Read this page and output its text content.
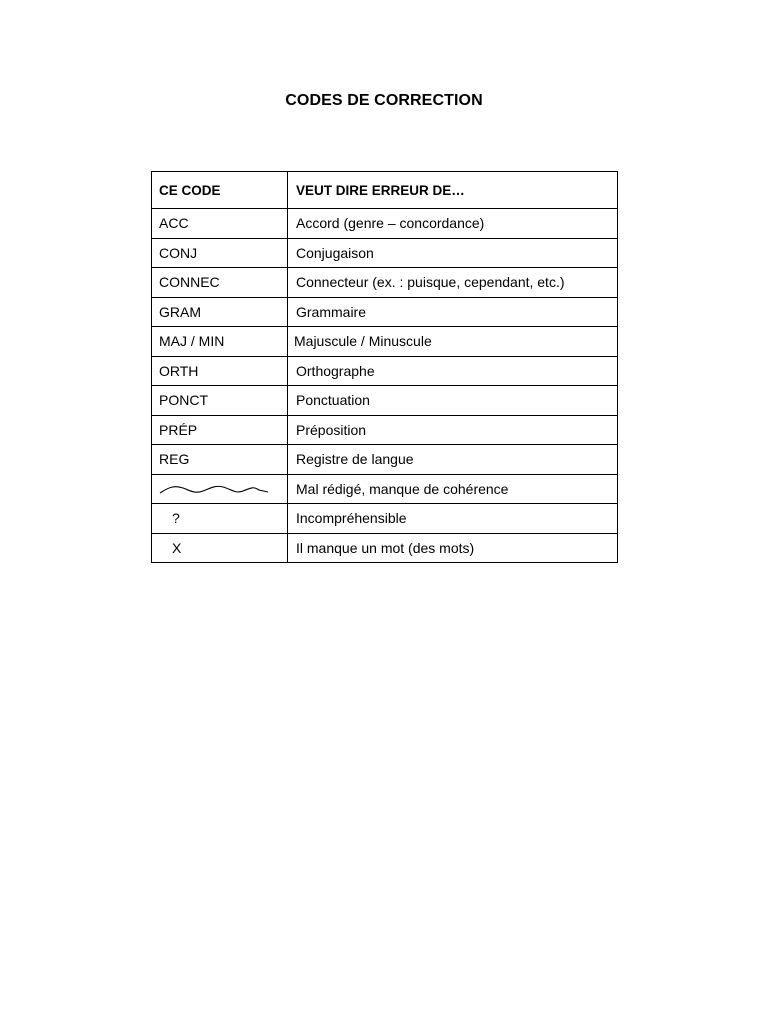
CODES DE CORRECTION
CE CODE	VEUT DIRE ERREUR DE…
ACC	Accord (genre – concordance)
CONJ	Conjugaison
CONNEC	Connecteur (ex. : puisque, cependant, etc.)
GRAM	Grammaire
MAJ / MIN	Majuscule / Minuscule
ORTH	Orthographe
PONCT	Ponctuation
PRÉP	Préposition
REG	Registre de langue

	Mal rédigé, manque de cohérence
?	Incompréhensible
X	Il manque un mot (des mots)
